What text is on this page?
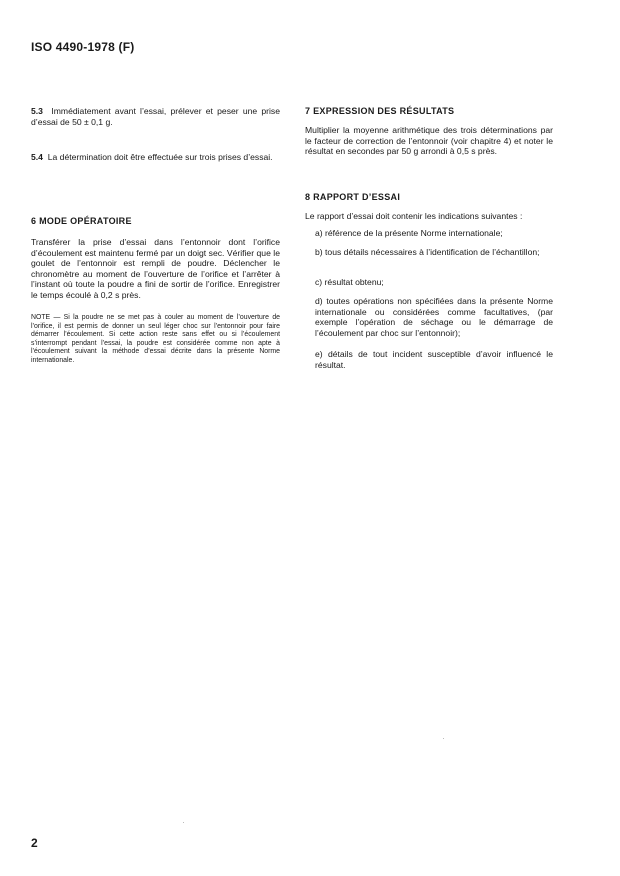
ISO 4490-1978 (F)

5.3 Immédiatement avant l’essai, prélever et peser une prise d’essai de 50 ± 0,1 g.

5.4 La détermination doit être effectuée sur trois prises d’essai.

6 MODE OPÉRATOIRE

Transférer la prise d’essai dans l’entonnoir dont l’orifice d’écoulement est maintenu fermé par un doigt sec. Vérifier que le goulet de l’entonnoir est rempli de poudre. Déclencher le chronomètre au moment de l’ouverture de l’orifice et l’arrêter à l’instant où toute la poudre a fini de sortir de l’orifice. Enregistrer le temps écoulé à 0,2 s près.

NOTE — Si la poudre ne se met pas à couler au moment de l’ouverture de l’orifice, il est permis de donner un seul léger choc sur l’entonnoir pour faire démarrer l’écoulement. Si cette action reste sans effet ou si l’écoulement s’interrompt pendant l’essai, la poudre est considérée comme non apte à l’écoulement suivant la méthode d’essai décrite dans la présente Norme internationale.

7 EXPRESSION DES RÉSULTATS

Multiplier la moyenne arithmétique des trois déterminations par le facteur de correction de l’entonnoir (voir chapitre 4) et noter le résultat en secondes par 50 g arrondi à 0,5 s près.

8 RAPPORT D’ESSAI

Le rapport d’essai doit contenir les indications suivantes :

a) référence de la présente Norme internationale;
b) tous détails nécessaires à l’identification de l’échantillon;
c) résultat obtenu;
d) toutes opérations non spécifiées dans la présente Norme internationale ou considérées comme facultatives, (par exemple l’opération de séchage ou le démarrage de l’écoulement par choc sur l’entonnoir);
e) détails de tout incident susceptible d’avoir influencé le résultat.
2
